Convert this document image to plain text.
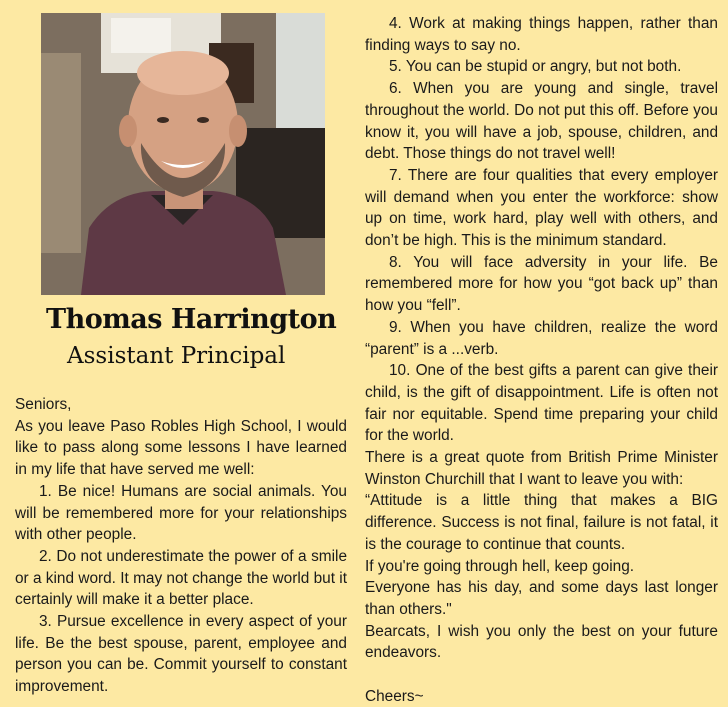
Thomas Harrington
Assistant Principal

Seniors,

As you leave Paso Robles High School, I would like to pass along some lessons I have learned in my life that have served me well:

1. Be nice! Humans are social animals. You will be remembered more for your relationships with other people.

2. Do not underestimate the power of a smile or a kind word. It may not change the world but it certainly will make it a better place.

3. Pursue excellence in every aspect of your life. Be the best spouse, parent, employee and person you can be. Commit yourself to constant improvement.

4. Work at making things happen, rather than finding ways to say no.

5. You can be stupid or angry, but not both.

6. When you are young and single, travel throughout the world. Do not put this off. Before you know it, you will have a job, spouse, children, and debt. Those things do not travel well!

7. There are four qualities that every employer will demand when you enter the workforce: show up on time, work hard, play well with others, and don’t be high. This is the minimum standard.

8. You will face adversity in your life. Be remembered more for how you “got back up” than how you “fell”.

9. When you have children, realize the word “parent” is a ...verb.

10. One of the best gifts a parent can give their child, is the gift of disappointment. Life is often not fair nor equitable. Spend time preparing your child for the world.

There is a great quote from British Prime Minister Winston Churchill that I want to leave you with:

“Attitude is a little thing that makes a BIG difference. Success is not final, failure is not fatal, it is the courage to continue that counts.

If you're going through hell, keep going.

Everyone has his day, and some days last longer than others."

Bearcats, I wish you only the best on your future endeavors.

Cheers~
